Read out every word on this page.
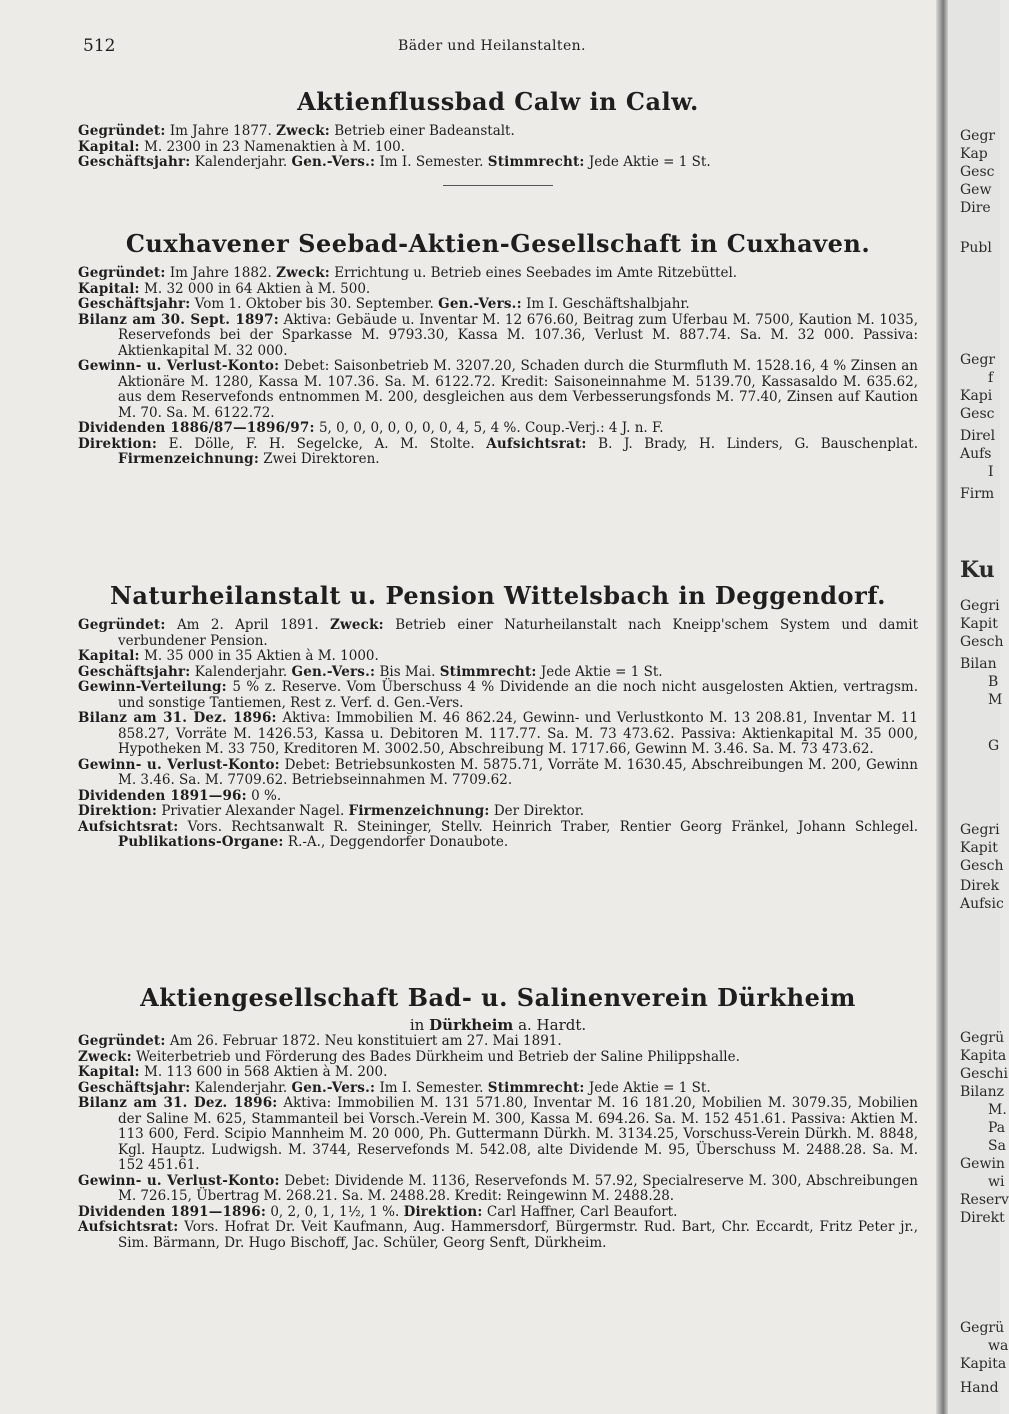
512	Bäder und Heilanstalten.
Aktienflussbad Calw in Calw.
Gegründet: Im Jahre 1877. Zweck: Betrieb einer Badeanstalt.
Kapital: M. 2300 in 23 Namenaktien à M. 100.
Geschäftsjahr: Kalenderjahr. Gen.-Vers.: Im I. Semester. Stimmrecht: Jede Aktie = 1 St.
Cuxhavener Seebad-Aktien-Gesellschaft in Cuxhaven.
Gegründet: Im Jahre 1882. Zweck: Errichtung u. Betrieb eines Seebades im Amte Ritzebüttel.
Kapital: M. 32 000 in 64 Aktien à M. 500.
Geschäftsjahr: Vom 1. Oktober bis 30. September. Gen.-Vers.: Im I. Geschäftshalbjahr.
Bilanz am 30. Sept. 1897: Aktiva: Gebäude u. Inventar M. 12 676.60, Beitrag zum Uferbau M. 7500, Kaution M. 1035, Reservefonds bei der Sparkasse M. 9793.30, Kassa M. 107.36, Verlust M. 887.74. Sa. M. 32 000. Passiva: Aktienkapital M. 32 000.
Gewinn- u. Verlust-Konto: Debet: Saisonbetrieb M. 3207.20, Schaden durch die Sturmfluth M. 1528.16, 4 % Zinsen an Aktionäre M. 1280, Kassa M. 107.36. Sa. M. 6122.72. Kredit: Saisoneinnahme M. 5139.70, Kassasaldo M. 635.62, aus dem Reservefonds entnommen M. 200, desgleichen aus dem Verbesserungsfonds M. 77.40, Zinsen auf Kaution M. 70. Sa. M. 6122.72.
Dividenden 1886/87—1896/97: 5, 0, 0, 0, 0, 0, 0, 0, 4, 5, 4 %. Coup.-Verj.: 4 J. n. F.
Direktion: E. Dölle, F. H. Segelcke, A. M. Stolte. Aufsichtsrat: B. J. Brady, H. Linders, G. Bauschenplat. Firmenzeichnung: Zwei Direktoren.
Naturheilanstalt u. Pension Wittelsbach in Deggendorf.
Gegründet: Am 2. April 1891. Zweck: Betrieb einer Naturheilanstalt nach Kneipp'schem System und damit verbundener Pension.
Kapital: M. 35 000 in 35 Aktien à M. 1000.
Geschäftsjahr: Kalenderjahr. Gen.-Vers.: Bis Mai. Stimmrecht: Jede Aktie = 1 St.
Gewinn-Verteilung: 5 % z. Reserve. Vom Überschuss 4 % Dividende an die noch nicht ausgelosten Aktien, vertragsm. und sonstige Tantiemen, Rest z. Verf. d. Gen.-Vers.
Bilanz am 31. Dez. 1896: Aktiva: Immobilien M. 46 862.24, Gewinn- und Verlustkonto M. 13 208.81, Inventar M. 11 858.27, Vorräte M. 1426.53, Kassa u. Debitoren M. 117.77. Sa. M. 73 473.62. Passiva: Aktienkapital M. 35 000, Hypotheken M. 33 750, Kreditoren M. 3002.50, Abschreibung M. 1717.66, Gewinn M. 3.46. Sa. M. 73 473.62.
Gewinn- u. Verlust-Konto: Debet: Betriebsunkosten M. 5875.71, Vorräte M. 1630.45, Abschreibungen M. 200, Gewinn M. 3.46. Sa. M. 7709.62. Betriebseinnahmen M. 7709.62.
Dividenden 1891—96: 0 %.
Direktion: Privatier Alexander Nagel. Firmenzeichnung: Der Direktor.
Aufsichtsrat: Vors. Rechtsanwalt R. Steininger, Stellv. Heinrich Traber, Rentier Georg Fränkel, Johann Schlegel. Publikations-Organe: R.-A., Deggendorfer Donaubote.
Aktiengesellschaft Bad- u. Salinenverein Dürkheim
in Dürkheim a. Hardt.
Gegründet: Am 26. Februar 1872. Neu konstituiert am 27. Mai 1891.
Zweck: Weiterbetrieb und Förderung des Bades Dürkheim und Betrieb der Saline Philippshalle.
Kapital: M. 113 600 in 568 Aktien à M. 200.
Geschäftsjahr: Kalenderjahr. Gen.-Vers.: Im I. Semester. Stimmrecht: Jede Aktie = 1 St.
Bilanz am 31. Dez. 1896: Aktiva: Immobilien M. 131 571.80, Inventar M. 16 181.20, Mobilien M. 3079.35, Mobilien der Saline M. 625, Stammanteil bei Vorsch.-Verein M. 300, Kassa M. 694.26. Sa. M. 152 451.61. Passiva: Aktien M. 113 600, Ferd. Scipio Mannheim M. 20 000, Ph. Guttermann Dürkh. M. 3134.25, Vorschuss-Verein Dürkh. M. 8848, Kgl. Hauptz. Ludwigsh. M. 3744, Reservefonds M. 542.08, alte Dividende M. 95, Überschuss M. 2488.28. Sa. M. 152 451.61.
Gewinn- u. Verlust-Konto: Debet: Dividende M. 1136, Reservefonds M. 57.92, Specialreserve M. 300, Abschreibungen M. 726.15, Übertrag M. 268.21. Sa. M. 2488.28. Kredit: Reingewinn M. 2488.28.
Dividenden 1891—1896: 0, 2, 0, 1, 1½, 1 %. Direktion: Carl Haffner, Carl Beaufort.
Aufsichtsrat: Vors. Hofrat Dr. Veit Kaufmann, Aug. Hammersdorf, Bürgermstr. Rud. Bart, Chr. Eccardt, Fritz Peter jr., Sim. Bärmann, Dr. Hugo Bischoff, Jac. Schüler, Georg Senft, Dürkheim.
Gegr
Kap
Gesc
Gew
Dire
Publ
Gegr
f
Kapi
Gesc
Direl
Aufs
I
Firm
Ku
Gegri
Kapit
Gesch
Bilan
B
M
G
Gegri
Kapit
Gesch
Direk
Aufsic
Gegrü
Kapita
Geschi
Bilanz
M.
Pa
Sa
Gewin
wi
Reserv
Direkt
Gegrü
wa
Kapita
Hand
